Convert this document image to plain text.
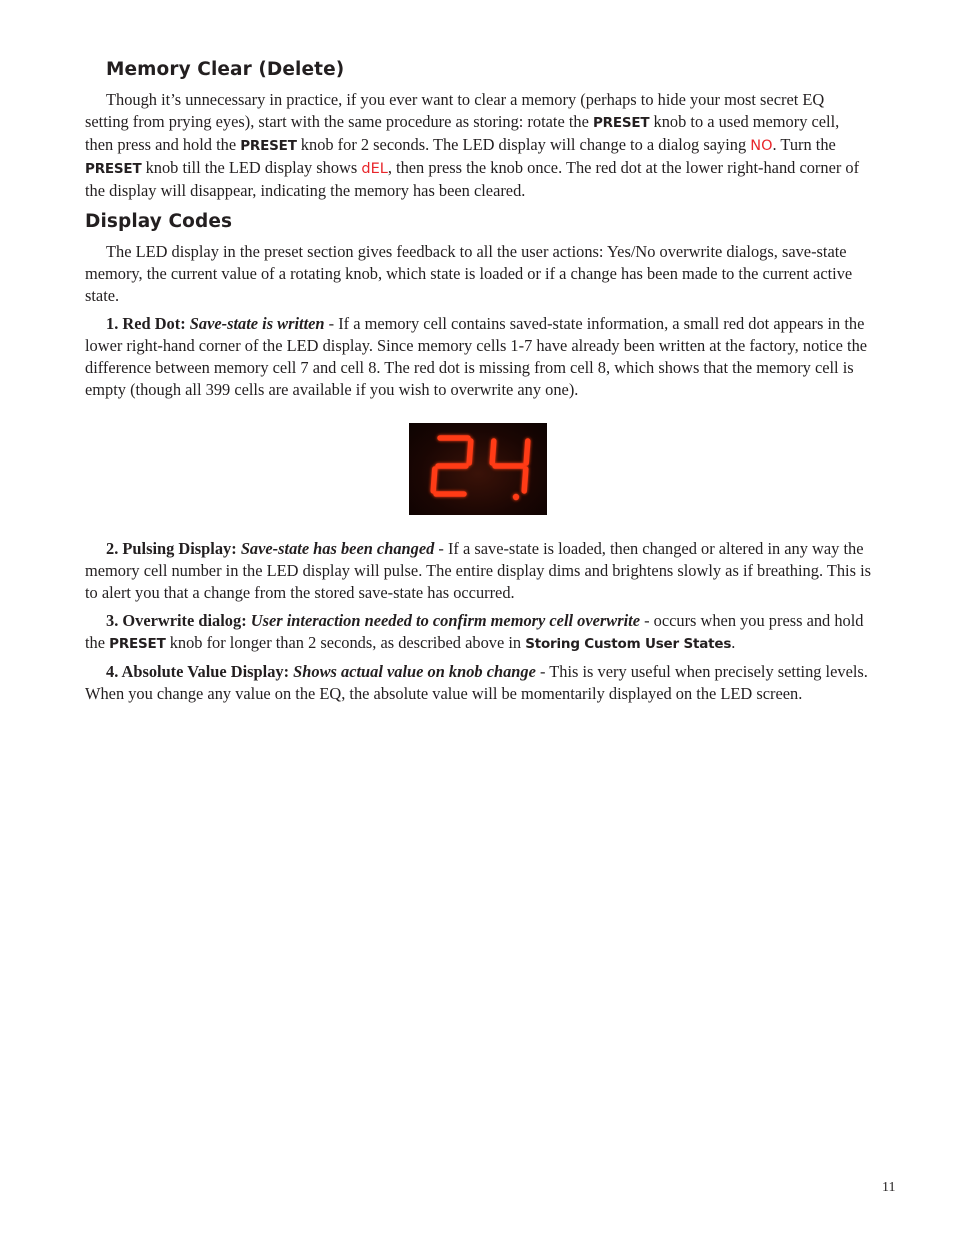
Memory Clear (Delete)

Though it’s unnecessary in practice, if you ever want to clear a memory (perhaps to hide your most secret EQ setting from prying eyes), start with the same procedure as storing: rotate the PRESET knob to a used memory cell, then press and hold the PRESET knob for 2 seconds. The LED display will change to a dialog saying NO. Turn the PRESET knob till the LED display shows dEL, then press the knob once. The red dot at the lower right-hand corner of the display will disappear, indicating the memory has been cleared.

Display Codes

The LED display in the preset section gives feedback to all the user actions: Yes/No overwrite dialogs, save-state memory, the current value of a rotating knob, which state is loaded or if a change has been made to the current active state.

1. Red Dot: Save-state is written - If a memory cell contains saved-state information, a small red dot appears in the lower right-hand corner of the LED display. Since memory cells 1-7 have already been written at the factory, notice the difference between memory cell 7 and cell 8. The red dot is missing from cell 8, which shows that the memory cell is empty (though all 399 cells are available if you wish to overwrite any one).

2. Pulsing Display: Save-state has been changed - If a save-state is loaded, then changed or altered in any way the memory cell number in the LED display will pulse. The entire display dims and brightens slowly as if breathing. This is to alert you that a change from the stored save-state has occurred.

3. Overwrite dialog: User interaction needed to confirm memory cell overwrite - occurs when you press and hold the PRESET knob for longer than 2 seconds, as described above in Storing Custom User States.

4. Absolute Value Display: Shows actual value on knob change - This is very useful when precisely setting levels. When you change any value on the EQ, the absolute value will be momentarily displayed on the LED screen.

11
